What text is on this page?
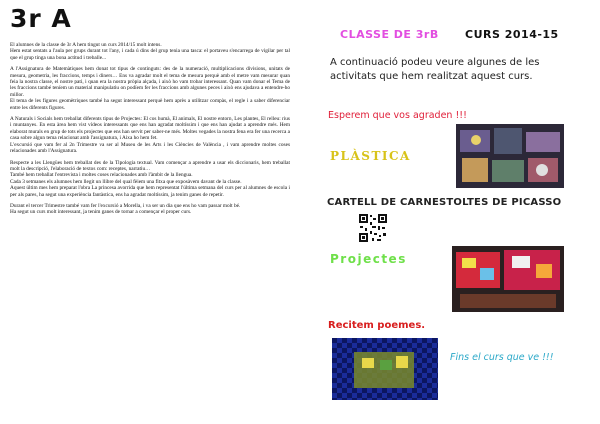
3r A

El alumnes de la classe de 3r A hem tingut un curs 2014/15 molt intens.
Hem estat sentats a l'aula per grups durant tot l'any, i cada ú dins del grup tenia una tasca: el portaveu s'encarrega de vigilar per tal que el grup tinga una bona actitud i treballe...

A l'Assignatura de Matemàtiques hem donat tot tipus de continguts: des de la numeració, multiplicacions divisions, unitats de mesura, geometria, les fraccions, temps i diners… Ens va agradar molt el tema de mesura perquè amb el metre vam mesurar quan feia la nostra classe, el nostre pati, i quan era la nostra pròpia alçada, i això ho vam trobar interessant. Quan vam donar el Tema de les fraccions també teníem un material manipulatiu on podíem fer les fraccions amb algunes peces i això ens ajudava a entendre-ho millor.
El tema de les figures geomètriques també ha segut interessant perquè hem après a utilitzar compàs, el regle i a saber diferenciar entre les diferents figures.

A Naturals i Socials hem treballat diferents tipus de Projectes: El cos humà, El animals, El nostre entorn, Les plantes, El relleu: rius i muntanyes. En esta àrea hem vist vídeos interessants que ens han agradat moltíssim i que ens han ajudat a aprendre més. Hem elaborat murals en grup de tots els projectes que ens han servit per saber-ne més. Moltes vegades la nostra fena era fer una recerca a casa sobre algun tema relacionat amb l'assignatura, i Aixa ho hem fet.
L'excursió que vam fer al 2n Trimestre va ser al Museu de les Arts i les Ciències de València , i vam aprendre moltes coses relacionades amb l'Assignatura.

Respecte a les Llengües hem treballat des de la Tipologia textual. Vam començar a aprendre a usar els diccionaris, hem treballat molt la descripció, l'elaboració de textos com: receptes, narratiu…
També hem treballat l'entrevista i moltes coses relacionades amb l'àmbit de la llengua.
Cada 3 setmanes els alumnes hem llegit un llibre del qual fèiem una fitxa que exposàvem davant de la classe.
Aquest últim mes hem preparat l'obra La princesa avorrida que hem representat l'última setmana del curs per al alumnes de escola i per als pares, ha segut una experiència fantàstica, ens ha agradat moltíssim, ja tenim ganes de repetir.

Durant el tercer Trimestre també vam fer l'excursió a Morella, i va ser un dia que ens ho vam passar molt bé.
Ha segut un curs molt interessant, ja tenim ganes de tornar a començar el proper curs.

CLASSE DE 3rB CURS 2014-15
A continuació podeu veure algunes de les activitats que hem realitzat aquest curs.
Esperem que vos agraden !!!
PLÀSTICA
CARTELL DE CARNESTOLTES DE PICASSO
Projectes
Recitem poemes.
Fins el curs que ve !!!
